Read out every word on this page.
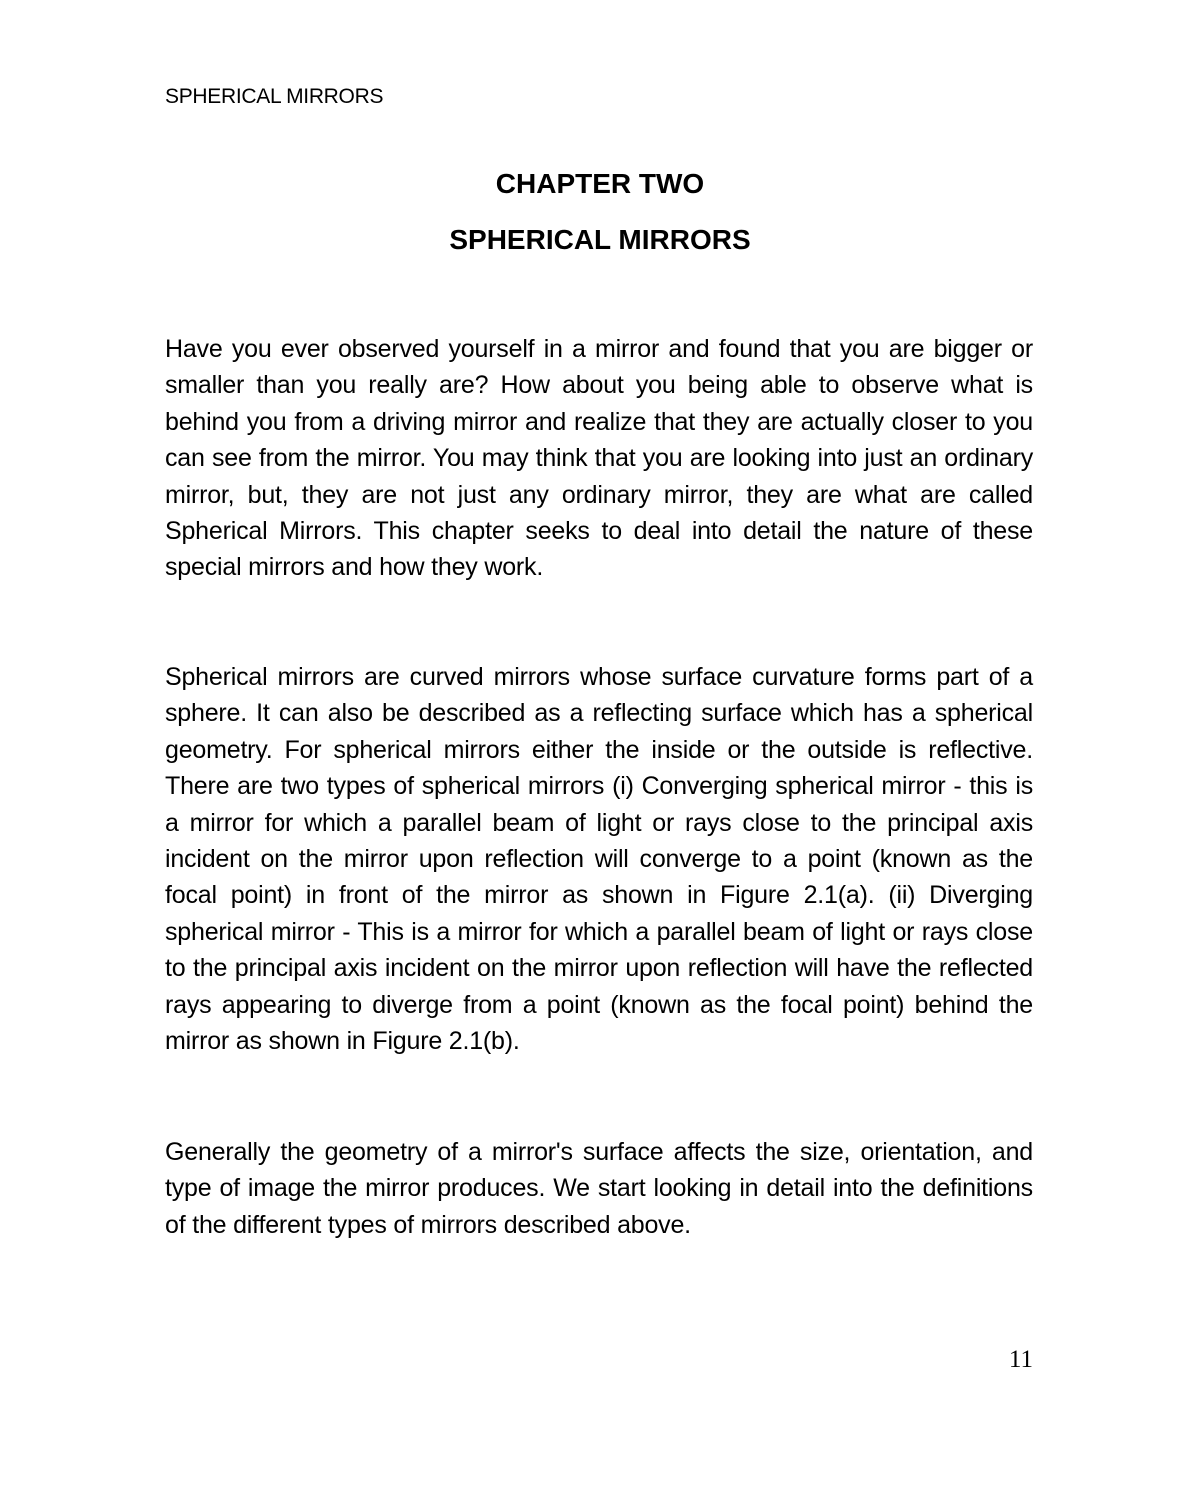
SPHERICAL MIRRORS
CHAPTER TWO
SPHERICAL MIRRORS

Have you ever observed yourself in a mirror and found that you are bigger or smaller than you really are? How about you being able to observe what is behind you from a driving mirror and realize that they are actually closer to you can see from the mirror. You may think that you are looking into just an ordinary mirror, but, they are not just any ordinary mirror, they are what are called Spherical Mirrors. This chapter seeks to deal into detail the nature of these special mirrors and how they work.

Spherical mirrors are curved mirrors whose surface curvature forms part of a sphere. It can also be described as a reflecting surface which has a spherical geometry. For spherical mirrors either the inside or the outside is reflective. There are two types of spherical mirrors (i) Converging spherical mirror - this is a mirror for which a parallel beam of light or rays close to the principal axis incident on the mirror upon reflection will converge to a point (known as the focal point) in front of the mirror as shown in Figure 2.1(a). (ii) Diverging spherical mirror - This is a mirror for which a parallel beam of light or rays close to the principal axis incident on the mirror upon reflection will have the reflected rays appearing to diverge from a point (known as the focal point) behind the mirror as shown in Figure 2.1(b).

Generally the geometry of a mirror's surface affects the size, orientation, and type of image the mirror produces. We start looking in detail into the definitions of the different types of mirrors described above.

11
